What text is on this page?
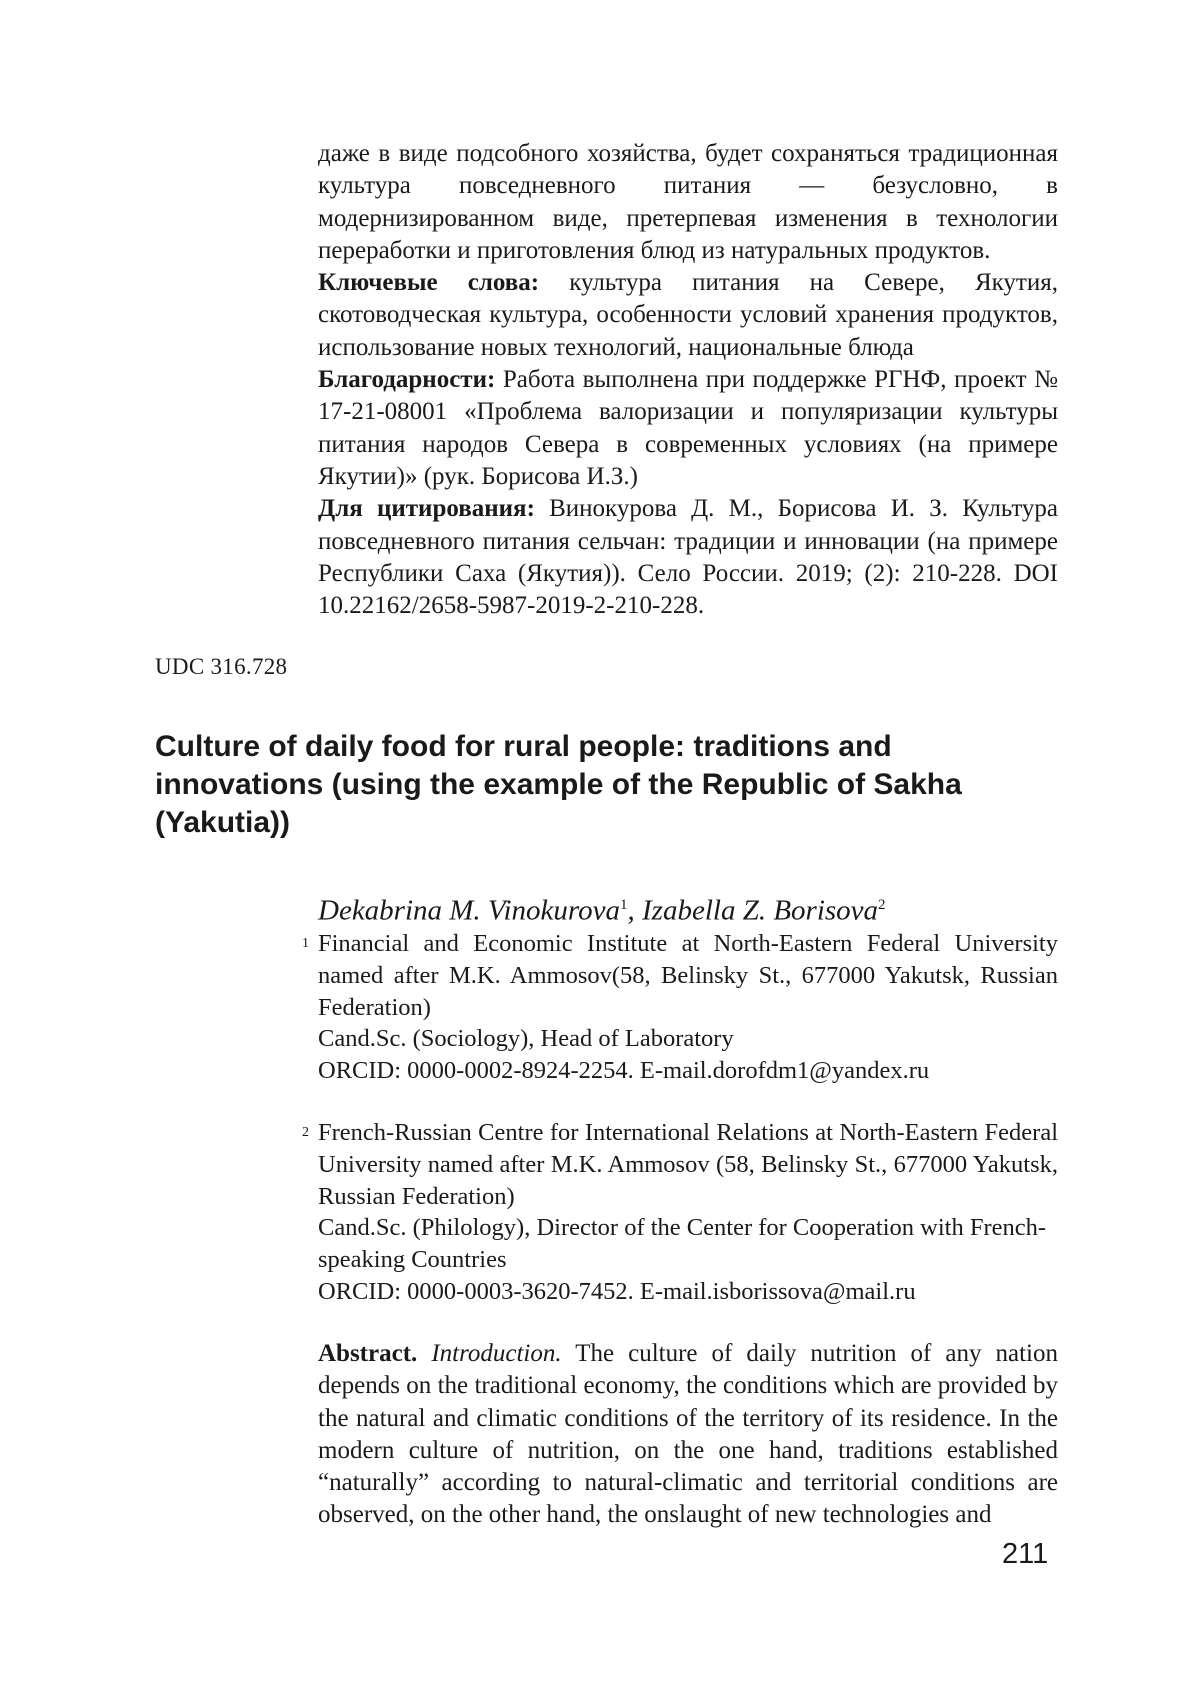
даже в виде подсобного хозяйства, будет сохраняться традиционная культура повседневного питания — безусловно, в модернизированном виде, претерпевая изменения в технологии переработки и приготовления блюд из натуральных продуктов.

Ключевые слова: культура питания на Севере, Якутия, скотоводческая культура, особенности условий хранения продуктов, использование новых технологий, национальные блюда

Благодарности: Работа выполнена при поддержке РГНФ, проект № 17-21-08001 «Проблема валоризации и популяризации культуры питания народов Севера в современных условиях (на примере Якутии)» (рук. Борисова И.З.)

Для цитирования: Винокурова Д. М., Борисова И. З. Культура повседневного питания сельчан: традиции и инновации (на примере Республики Саха (Якутия)). Село России. 2019; (2): 210-228. DOI 10.22162/2658-5987-2019-2-210-228.

UDC 316.728
Culture of daily food for rural people: traditions and innovations (using the example of the Republic of Sakha (Yakutia))
Dekabrina M. Vinokurova$^1$, Izabella Z. Borisova$^2$
1 Financial and Economic Institute at North-Eastern Federal University named after M.K. Ammosov(58, Belinsky St., 677000 Yakutsk, Russian Federation)
Cand.Sc. (Sociology), Head of Laboratory
ORCID: 0000-0002-8924-2254. E-mail.dorofdm1@yandex.ru
2 French-Russian Centre for International Relations at North-Eastern Federal University named after M.K. Ammosov (58, Belinsky St., 677000 Yakutsk, Russian Federation)
Cand.Sc. (Philology), Director of the Center for Cooperation with French-speaking Countries
ORCID: 0000-0003-3620-7452. E-mail.isborissova@mail.ru

Abstract. Introduction. The culture of daily nutrition of any nation depends on the traditional economy, the conditions which are provided by the natural and climatic conditions of the territory of its residence. In the modern culture of nutrition, on the one hand, traditions established “naturally” according to natural-climatic and territorial conditions are observed, on the other hand, the onslaught of new technologies and

211
